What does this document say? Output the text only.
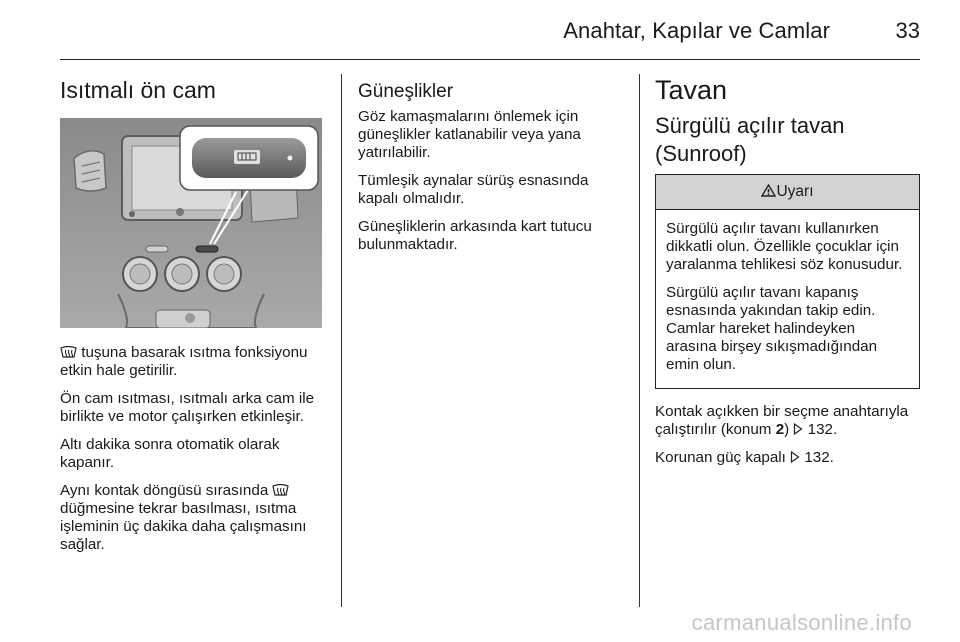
Anahtar, Kapılar ve Camlar	33
Isıtmalı ön cam

tuşuna basarak ısıtma fonksiyonu etkin hale getirilir.

Ön cam ısıtması, ısıtmalı arka cam ile birlikte ve motor çalışırken etkinleşir.

Altı dakika sonra otomatik olarak kapanır.

Aynı kontak döngüsü sırasında  düğmesine tekrar basılması, ısıtma işleminin üç dakika daha çalışmasını sağlar.

Güneşlikler

Göz kamaşmalarını önlemek için güneşlikler katlanabilir veya yana yatırılabilir.

Tümleşik aynalar sürüş esnasında kapalı olmalıdır.

Güneşliklerin arkasında kart tutucu bulunmaktadır.

Tavan
Sürgülü açılır tavan (Sunroof)
Uyarı

Sürgülü açılır tavanı kullanırken dikkatli olun. Özellikle çocuklar için yaralanma tehlikesi söz konusudur.

Sürgülü açılır tavanı kapanış esnasında yakından takip edin. Camlar hareket halindeyken arasına birşey sıkışmadığından emin olun.

Kontak açıkken bir seçme anahtarıyla çalıştırılır (konum 2)  132.

Korunan güç kapalı  132.

carmanualsonline.info
